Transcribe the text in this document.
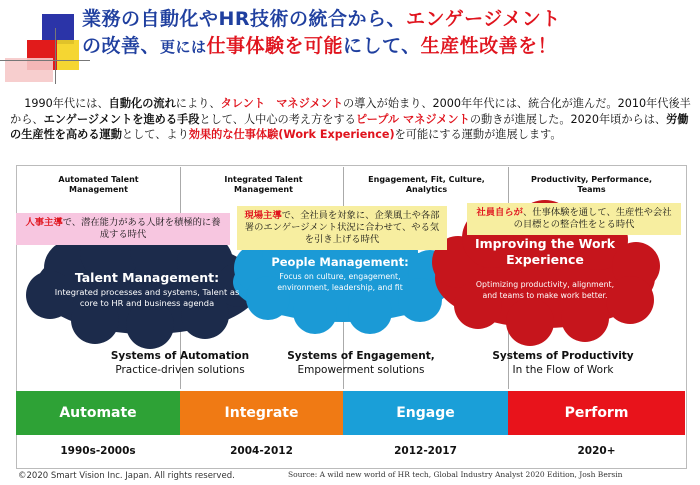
業務の自動化やHR技術の統合から、エンゲージメント
の改善、更には仕事体験を可能にして、生産性改善を！
1990年代には、自動化の流れにより、タレント　マネジメントの導入が始まり、2000年年代には、統合化が進んだ。2010年代後半から、エンゲージメントを進める手段として、人中心の考え方をするピープル マネジメントの動きが進展した。2020年頃からは、労働の生産性を高める運動として、より効果的な仕事体験(Work Experience)を可能にする運動が進展します。
Automated Talent Management
Integrated Talent Management
Engagement, Fit, Culture, Analytics
Productivity, Performance, Teams
Talent Management:
Integrated processes and systems, Talent as core to HR and business agenda
People Management:
Focus on culture, engagement, environment, leadership, and fit
Improving the Work Experience
Optimizing productivity, alignment, and teams to make work better.
人事主導で、潜在能力がある人財を積極的に養成する時代
現場主導で、全社員を対象に、企業風土や各部署のエンゲージメント状況に合わせて、やる気を引き上げる時代
社員自らが、仕事体験を通して、生産性や会社の目標との整合性をとる時代
Systems of Automation
Practice-driven solutions
Systems of Engagement,
Empowerment solutions
Systems of Productivity
In the Flow of Work
Automate	Integrate	Engage	Perform
1990s-2000s	2004-2012	2012-2017	2020+
©2020 Smart Vision Inc. Japan. All rights reserved.	Source: A wild new world of HR tech, Global Industry Analyst 2020 Edition, Josh Bersin
